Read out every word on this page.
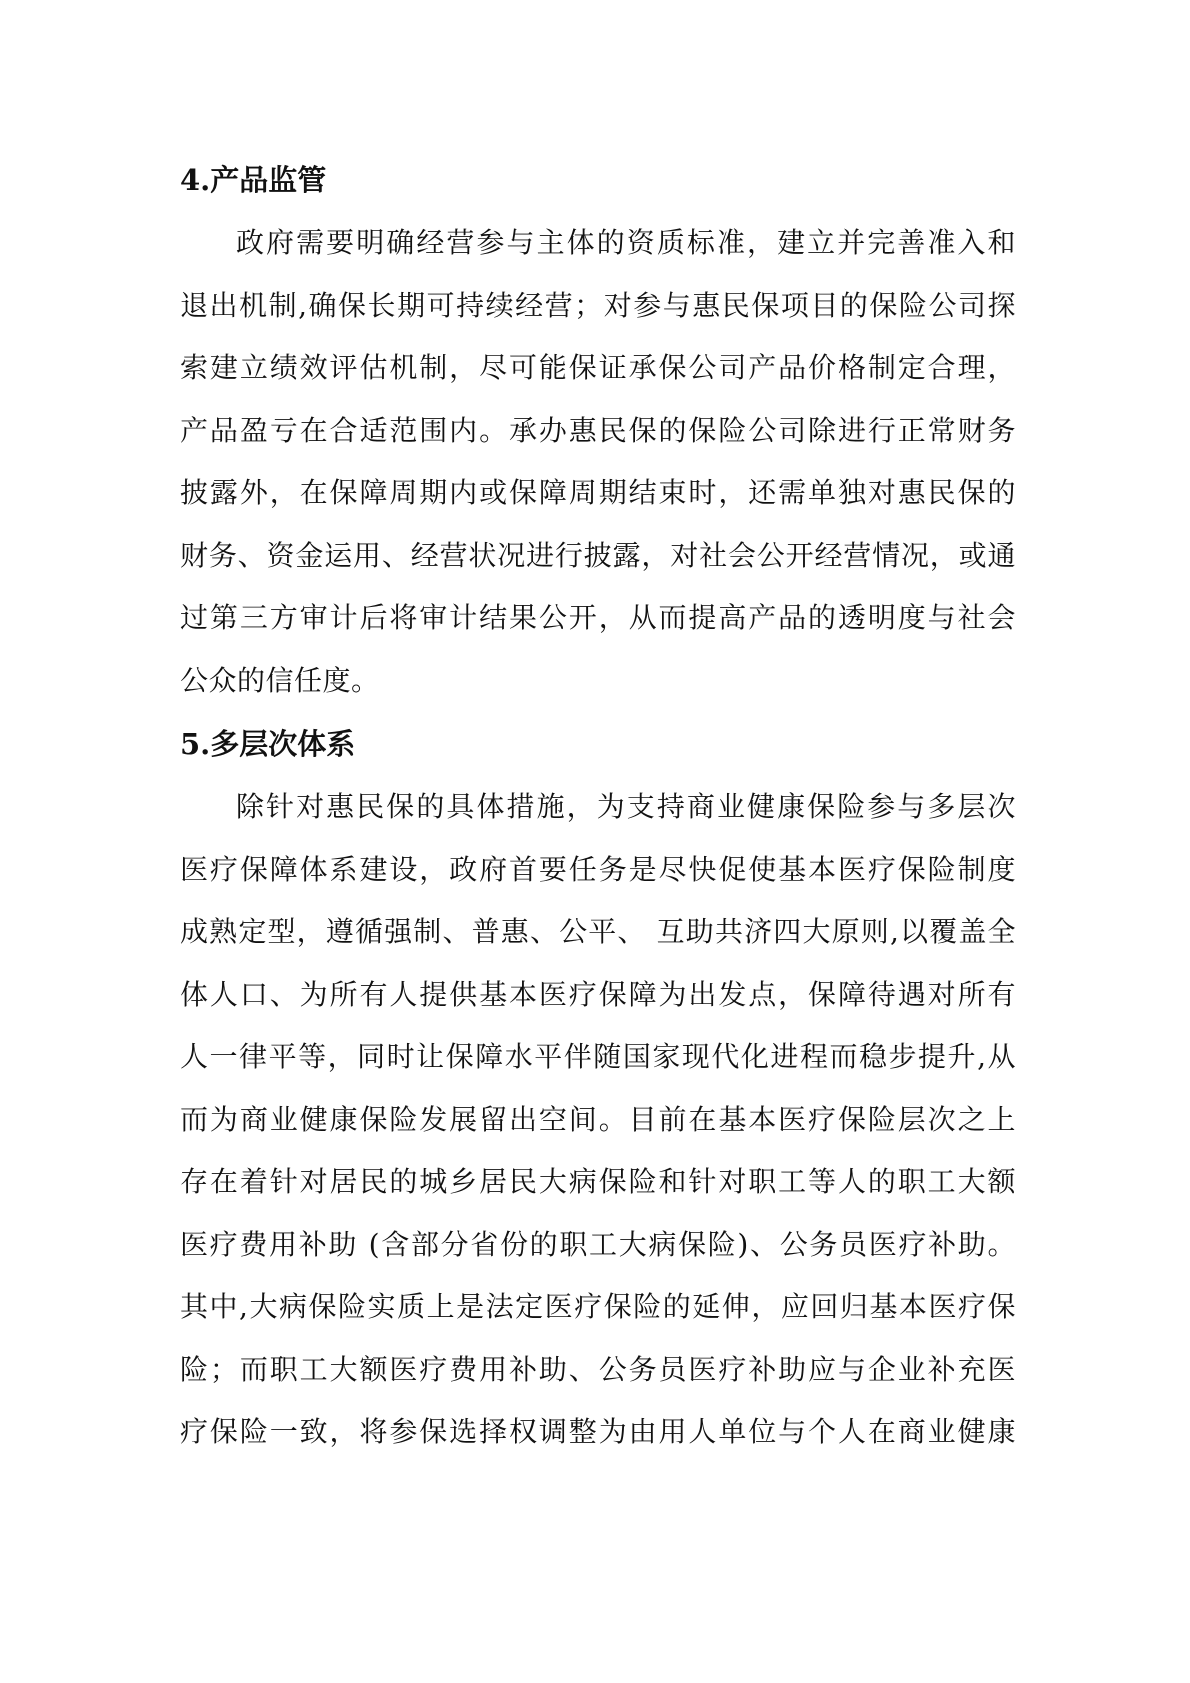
4.产品监管

政府需要明确经营参与主体的资质标准，建立并完善准入和

退出机制,确保长期可持续经营；对参与惠民保项目的保险公司探

索建立绩效评估机制，尽可能保证承保公司产品价格制定合理，

产品盈亏在合适范围内。承办惠民保的保险公司除进行正常财务

披露外，在保障周期内或保障周期结束时，还需单独对惠民保的

财务、资金运用、经营状况进行披露，对社会公开经营情况，或通

过第三方审计后将审计结果公开，从而提高产品的透明度与社会

公众的信任度。

5.多层次体系

除针对惠民保的具体措施，为支持商业健康保险参与多层次

医疗保障体系建设，政府首要任务是尽快促使基本医疗保险制度

成熟定型，遵循强制、普惠、公平、 互助共济四大原则,以覆盖全

体人口、为所有人提供基本医疗保障为出发点，保障待遇对所有

人一律平等，同时让保障水平伴随国家现代化进程而稳步提升,从

而为商业健康保险发展留出空间。目前在基本医疗保险层次之上

存在着针对居民的城乡居民大病保险和针对职工等人的职工大额

医疗费用补助 (含部分省份的职工大病保险)、公务员医疗补助。

其中,大病保险实质上是法定医疗保险的延伸，应回归基本医疗保

险；而职工大额医疗费用补助、公务员医疗补助应与企业补充医

疗保险一致，将参保选择权调整为由用人单位与个人在商业健康
